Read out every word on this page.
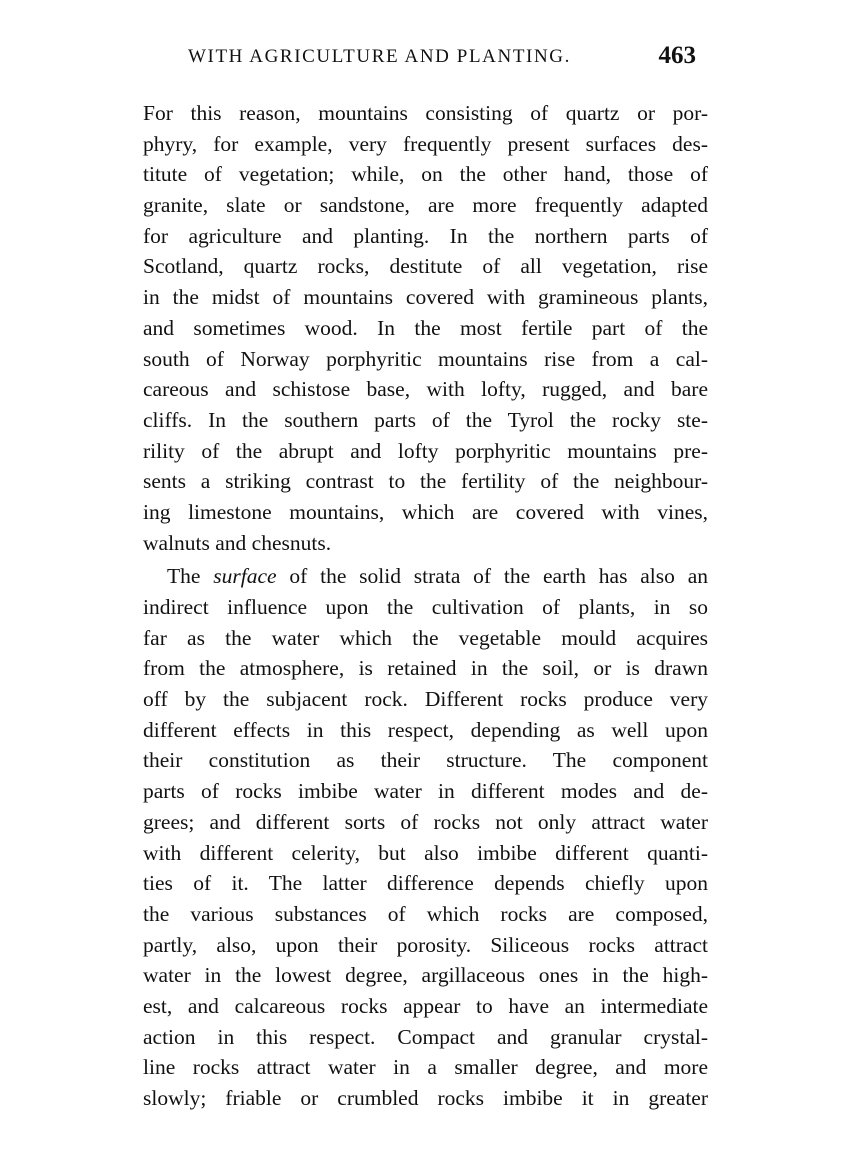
WITH AGRICULTURE AND PLANTING.	463
For this reason, mountains consisting of quartz or por-
phyry, for example, very frequently present surfaces des-
titute of vegetation; while, on the other hand, those of
granite, slate or sandstone, are more frequently adapted
for agriculture and planting. In the northern parts of
Scotland, quartz rocks, destitute of all vegetation, rise
in the midst of mountains covered with gramineous plants,
and sometimes wood. In the most fertile part of the
south of Norway porphyritic mountains rise from a cal-
careous and schistose base, with lofty, rugged, and bare
cliffs. In the southern parts of the Tyrol the rocky ste-
rility of the abrupt and lofty porphyritic mountains pre-
sents a striking contrast to the fertility of the neighbour-
ing limestone mountains, which are covered with vines,
walnuts and chesnuts.
The surface of the solid strata of the earth has also an
indirect influence upon the cultivation of plants, in so
far as the water which the vegetable mould acquires
from the atmosphere, is retained in the soil, or is drawn
off by the subjacent rock. Different rocks produce very
different effects in this respect, depending as well upon
their constitution as their structure. The component
parts of rocks imbibe water in different modes and de-
grees; and different sorts of rocks not only attract water
with different celerity, but also imbibe different quanti-
ties of it. The latter difference depends chiefly upon
the various substances of which rocks are composed,
partly, also, upon their porosity. Siliceous rocks attract
water in the lowest degree, argillaceous ones in the high-
est, and calcareous rocks appear to have an intermediate
action in this respect. Compact and granular crystal-
line rocks attract water in a smaller degree, and more
slowly; friable or crumbled rocks imbibe it in greater
